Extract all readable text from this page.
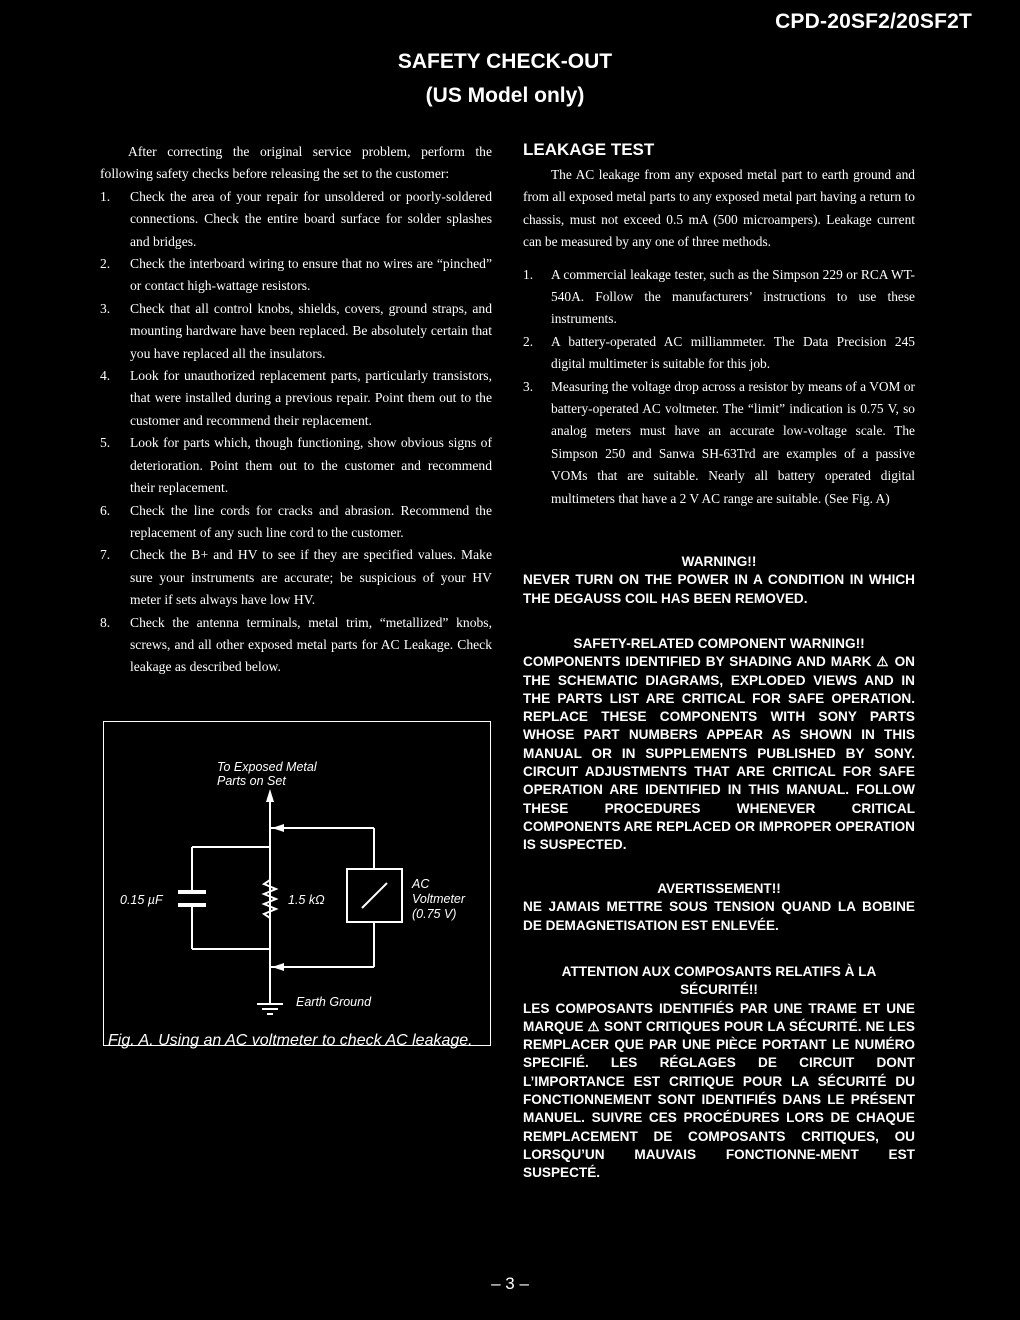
CPD-20SF2/20SF2T
SAFETY CHECK-OUT
(US Model only)

After correcting the original service problem, perform the following safety checks before releasing the set to the customer:

1. Check the area of your repair for unsoldered or poorly-soldered connections. Check the entire board surface for solder splashes and bridges.
2. Check the interboard wiring to ensure that no wires are “pinched” or contact high-wattage resistors.
3. Check that all control knobs, shields, covers, ground straps, and mounting hardware have been replaced. Be absolutely certain that you have replaced all the insulators.
4. Look for unauthorized replacement parts, particularly transistors, that were installed during a previous repair. Point them out to the customer and recommend their replacement.
5. Look for parts which, though functioning, show obvious signs of deterioration. Point them out to the customer and recommend their replacement.
6. Check the line cords for cracks and abrasion. Recommend the replacement of any such line cord to the customer.
7. Check the B+ and HV to see if they are specified values. Make sure your instruments are accurate; be suspicious of your HV meter if sets always have low HV.
8. Check the antenna terminals, metal trim, “metallized” knobs, screws, and all other exposed metal parts for AC Leakage. Check leakage as described below.
To Exposed Metal
Parts on Set
0.15 µF	1.5 kΩ
AC
Voltmeter
(0.75 V)
Earth Ground
Fig. A. Using an AC voltmeter to check AC leakage.
LEAKAGE TEST

The AC leakage from any exposed metal part to earth ground and from all exposed metal parts to any exposed metal part having a return to chassis, must not exceed 0.5 mA (500 microampers). Leakage current can be measured by any one of three methods.

1. A commercial leakage tester, such as the Simpson 229 or RCA WT-540A. Follow the manufacturers’ instructions to use these instruments.
2. A battery-operated AC milliammeter. The Data Precision 245 digital multimeter is suitable for this job.
3. Measuring the voltage drop across a resistor by means of a VOM or battery-operated AC voltmeter. The “limit” indication is 0.75 V, so analog meters must have an accurate low-voltage scale. The Simpson 250 and Sanwa SH-63Trd are examples of a passive VOMs that are suitable. Nearly all battery operated digital multimeters that have a 2 V AC range are suitable. (See Fig. A)
WARNING!!
NEVER TURN ON THE POWER IN A CONDITION IN WHICH THE DEGAUSS COIL HAS BEEN REMOVED.
SAFETY-RELATED COMPONENT WARNING!!
COMPONENTS IDENTIFIED BY SHADING AND MARK ⚠ ON THE SCHEMATIC DIAGRAMS, EXPLODED VIEWS AND IN THE PARTS LIST ARE CRITICAL FOR SAFE OPERATION. REPLACE THESE COMPONENTS WITH SONY PARTS WHOSE PART NUMBERS APPEAR AS SHOWN IN THIS MANUAL OR IN SUPPLEMENTS PUBLISHED BY SONY. CIRCUIT ADJUSTMENTS THAT ARE CRITICAL FOR SAFE OPERATION ARE IDENTIFIED IN THIS MANUAL. FOLLOW THESE PROCEDURES WHENEVER CRITICAL COMPONENTS ARE REPLACED OR IMPROPER OPERATION IS SUSPECTED.
AVERTISSEMENT!!
NE JAMAIS METTRE SOUS TENSION QUAND LA BOBINE DE DEMAGNETISATION EST ENLEVÉE.
ATTENTION AUX COMPOSANTS RELATIFS À LA SÉCURITÉ!!
LES COMPOSANTS IDENTIFIÉS PAR UNE TRAME ET UNE MARQUE ⚠ SONT CRITIQUES POUR LA SÉCURITÉ. NE LES REMPLACER QUE PAR UNE PIÈCE PORTANT LE NUMÉRO SPECIFIÉ. LES RÉGLAGES DE CIRCUIT DONT L’IMPORTANCE EST CRITIQUE POUR LA SÉCURITÉ DU FONCTIONNEMENT SONT IDENTIFIÉS DANS LE PRÉSENT MANUEL. SUIVRE CES PROCÉDURES LORS DE CHAQUE REMPLACEMENT DE COMPOSANTS CRITIQUES, OU LORSQU’UN MAUVAIS FONCTIONNE-MENT EST SUSPECTÉ.
– 3 –
